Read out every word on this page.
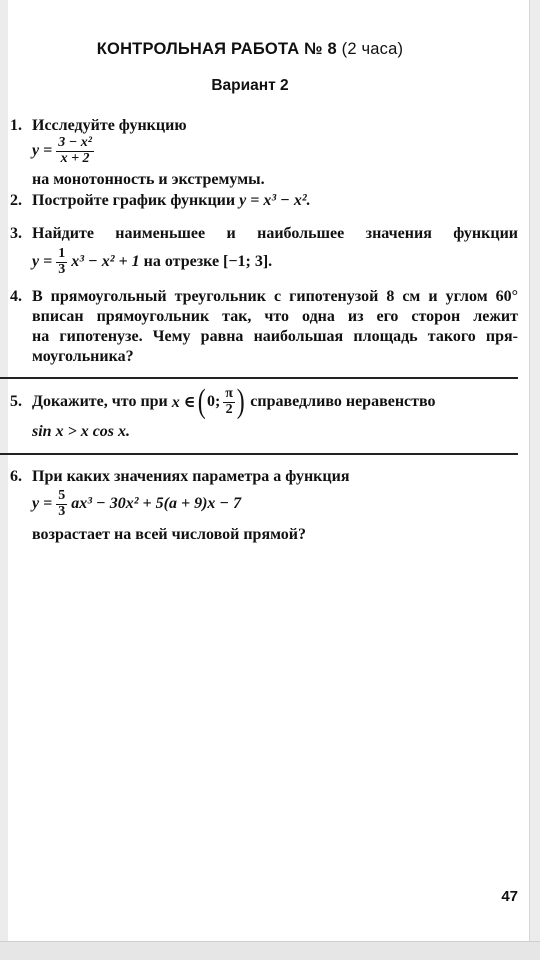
КОНТРОЛЬНАЯ РАБОТА № 8 (2 часа)
Вариант 2
1. Исследуйте функцию
$y = \frac{\text{3 − x²}}{x + 2}$
на монотонность и экстремумы.
2. Постройте график функции y = x³ − x².
3. Найдите наименьшее и наибольшее значения функции
$y = \frac{1}{3} x^3 - x^2 + 1$ на отрезке [−1; 3].
4. В прямоугольный треугольник с гипотенузой 8 см и углом 60°
вписан прямоугольник так, что одна из его сторон лежит
на гипотенузе. Чему равна наибольшая площадь такого пря-
моугольника?
5. Докажите, что при
x ∈ ( 0; $\frac{\pi}{2}$ )
справедливо неравенство
sin x > x cos x.
6. При каких значениях параметра a функция
$y = \frac{5}{3} ax^3 - 30x^2 + 5(a + 9)x - 7$
возрастает на всей числовой прямой?
47
